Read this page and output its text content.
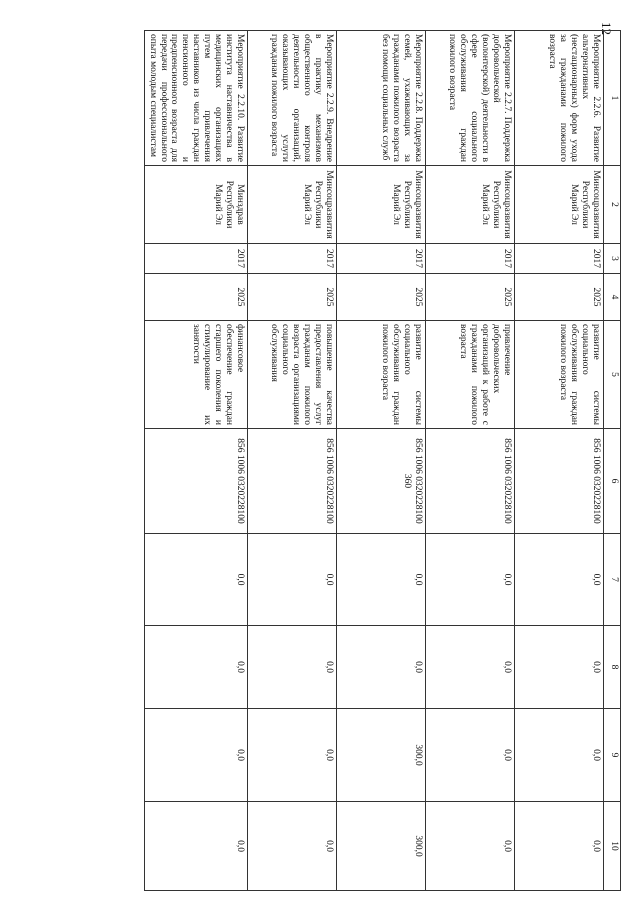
12
1	2	3	4	5	6	7	8	9	10
Мероприятие 2.2.6. Развитие альтернативных (нестационарных) форм ухода за гражданами пожилого возраста	Минсоцразвития Республики Марий Эл	2017	2025	развитие системы социального обслуживания граждан пожилого возраста	856 1006 0320228100	0,0	0,0	0,0	0,0
Мероприятие 2.2.7. Поддержка добровольческой (волонтерской) деятельности в сфере социального обслуживания граждан пожилого возраста	Минсоцразвития Республики Марий Эл	2017	2025	привлечение добровольческих организаций к работе с гражданами пожилого возраста	856 1006 0320228100	0,0	0,0	0,0	0,0
Мероприятие 2.2.8. Поддержка семей, ухаживающих за гражданами пожилого возраста без помощи социальных служб	Минсоцразвития Республики Марий Эл	2017	2025	развитие системы социального обслуживания граждан пожилого возраста	856 1006 0320228100 360	0,0	0,0	300,0	300,0
Мероприятие 2.2.9. Внедрение в практику механизмов общественного контроля деятельности организаций, оказывающих услуги гражданам пожилого возраста	Минсоцразвития Республики Марий Эл	2017	2025	повышение качества предоставления услуг гражданам пожилого возраста организациями социального обслуживания	856 1006 0320228100	0,0	0,0	0,0	0,0
Мероприятие 2.2.10. Развитие института наставничества в медицинских организациях путем привлечения наставников из числа граждан пенсионного и предпенсионного возраста для передачи профессионального опыта молодым специалистам	Минздрав Республики Марий Эл	2017	2025	финансовое обеспечение граждан старшего поколения и стимулирование их занятости	856 1006 0320228100	0,0	0,0	0,0	0,0
